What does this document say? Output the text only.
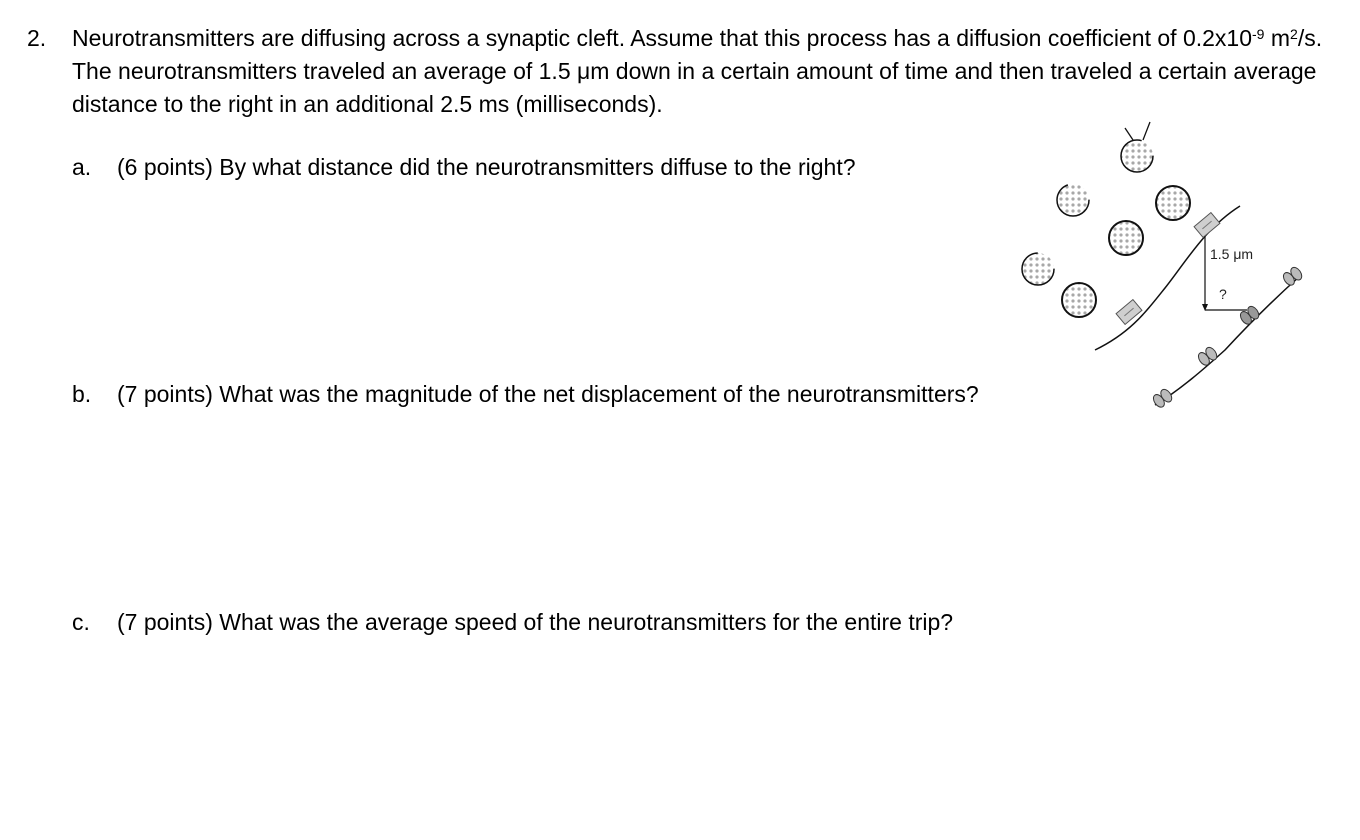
2. Neurotransmitters are diffusing across a synaptic cleft. Assume that this process has a diffusion coefficient of $0.2x10^{-9}$ $m^2/s$. The neurotransmitters traveled an average of 1.5 μm down in a certain amount of time and then traveled a certain average distance to the right in an additional 2.5 ms (milliseconds).
a. (6 points) By what distance did the neurotransmitters diffuse to the right?
b. (7 points) What was the magnitude of the net displacement of the neurotransmitters?
c. (7 points) What was the average speed of the neurotransmitters for the entire trip?
1.5 μm
?
